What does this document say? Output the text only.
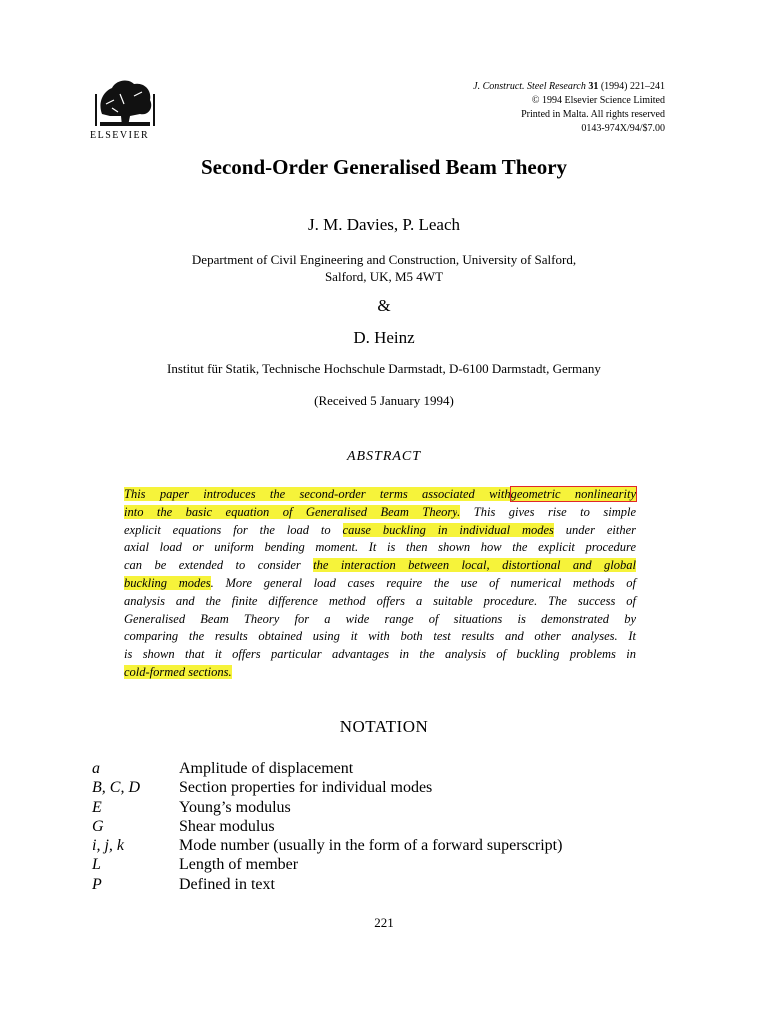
ELSEVIER
J. Construct. Steel Research 31 (1994) 221–241
© 1994 Elsevier Science Limited
Printed in Malta. All rights reserved
0143-974X/94/$7.00
Second-Order Generalised Beam Theory
J. M. Davies, P. Leach
Department of Civil Engineering and Construction, University of Salford,
Salford, UK, M5 4WT
&
D. Heinz
Institut für Statik, Technische Hochschule Darmstadt, D-6100 Darmstadt, Germany
(Received 5 January 1994)
ABSTRACT
This paper introduces the second-order terms associated withgeometric nonlinearity
into the basic equation of Generalised Beam Theory. This gives rise to simple
explicit equations for the load to cause buckling in individual modes under either
axial load or uniform bending moment. It is then shown how the explicit procedure
can be extended to consider the interaction between local, distortional and global
buckling modes. More general load cases require the use of numerical methods of
analysis and the finite difference method offers a suitable procedure. The success of
Generalised Beam Theory for a wide range of situations is demonstrated by
comparing the results obtained using it with both test results and other analyses. It
is shown that it offers particular advantages in the analysis of buckling problems in
cold-formed sections.
NOTATION
a	Amplitude of displacement
B, C, D	Section properties for individual modes
E	Young’s modulus
G	Shear modulus
i, j, k	Mode number (usually in the form of a forward superscript)
L	Length of member
P	Defined in text
221
